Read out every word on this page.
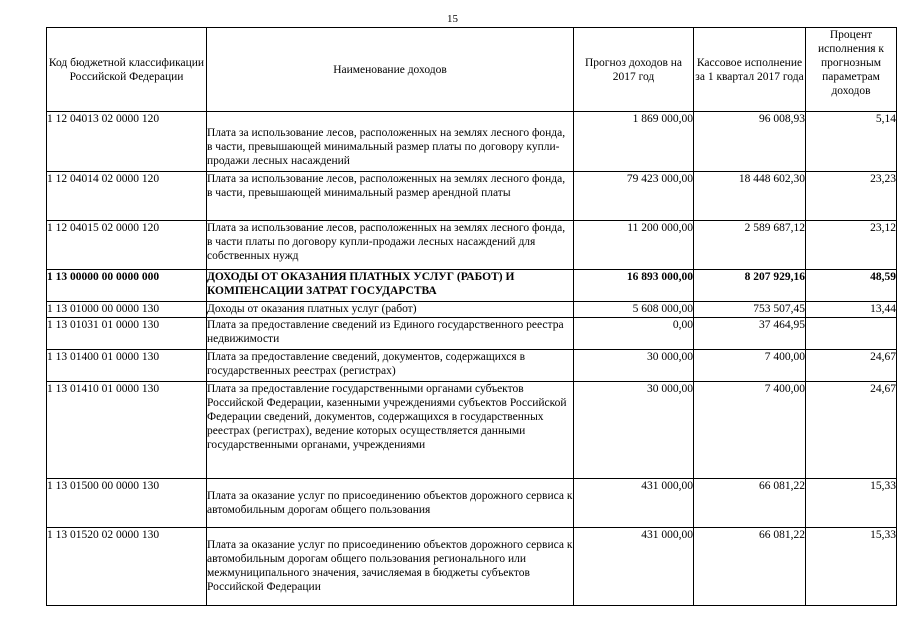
15
Код бюджетной классификации Российской Федерации	Наименование доходов	Прогноз доходов на 2017 год	Кассовое исполнение за 1 квартал 2017 года	Процент исполнения к прогнозным параметрам доходов
1 12 04013 02 0000 120	Плата за использование лесов, расположенных на землях лесного фонда, в части, превышающей минимальный размер платы по договору купли-продажи лесных насаждений	1 869 000,00	96 008,93	5,14
1 12 04014 02 0000 120	Плата за использование лесов, расположенных на землях лесного фонда, в части, превышающей минимальный размер арендной платы	79 423 000,00	18 448 602,30	23,23
1 12 04015 02 0000 120	Плата за использование лесов, расположенных на землях лесного фонда, в части платы по договору купли-продажи лесных насаждений для собственных нужд	11 200 000,00	2 589 687,12	23,12
1 13 00000 00 0000 000	ДОХОДЫ ОТ ОКАЗАНИЯ ПЛАТНЫХ УСЛУГ (РАБОТ) И КОМПЕНСАЦИИ ЗАТРАТ ГОСУДАРСТВА	16 893 000,00	8 207 929,16	48,59
1 13 01000 00 0000 130	Доходы от оказания платных услуг (работ)	5 608 000,00	753 507,45	13,44
1 13 01031 01 0000 130	Плата за предоставление сведений из Единого государственного реестра недвижимости	0,00	37 464,95	
1 13 01400 01 0000 130	Плата за предоставление сведений, документов, содержащихся в государственных реестрах (регистрах)	30 000,00	7 400,00	24,67
1 13 01410 01 0000 130	Плата за предоставление государственными органами субъектов Российской Федерации, казенными учреждениями субъектов Российской Федерации сведений, документов, содержащихся в государственных реестрах (регистрах), ведение которых осуществляется данными государственными органами, учреждениями	30 000,00	7 400,00	24,67
1 13 01500 00 0000 130	Плата за оказание услуг по присоединению объектов дорожного сервиса к автомобильным дорогам общего пользования	431 000,00	66 081,22	15,33
1 13 01520 02 0000 130	Плата за оказание услуг по присоединению объектов дорожного сервиса к автомобильным дорогам общего пользования регионального или межмуниципального значения, зачисляемая в бюджеты субъектов Российской Федерации	431 000,00	66 081,22	15,33
